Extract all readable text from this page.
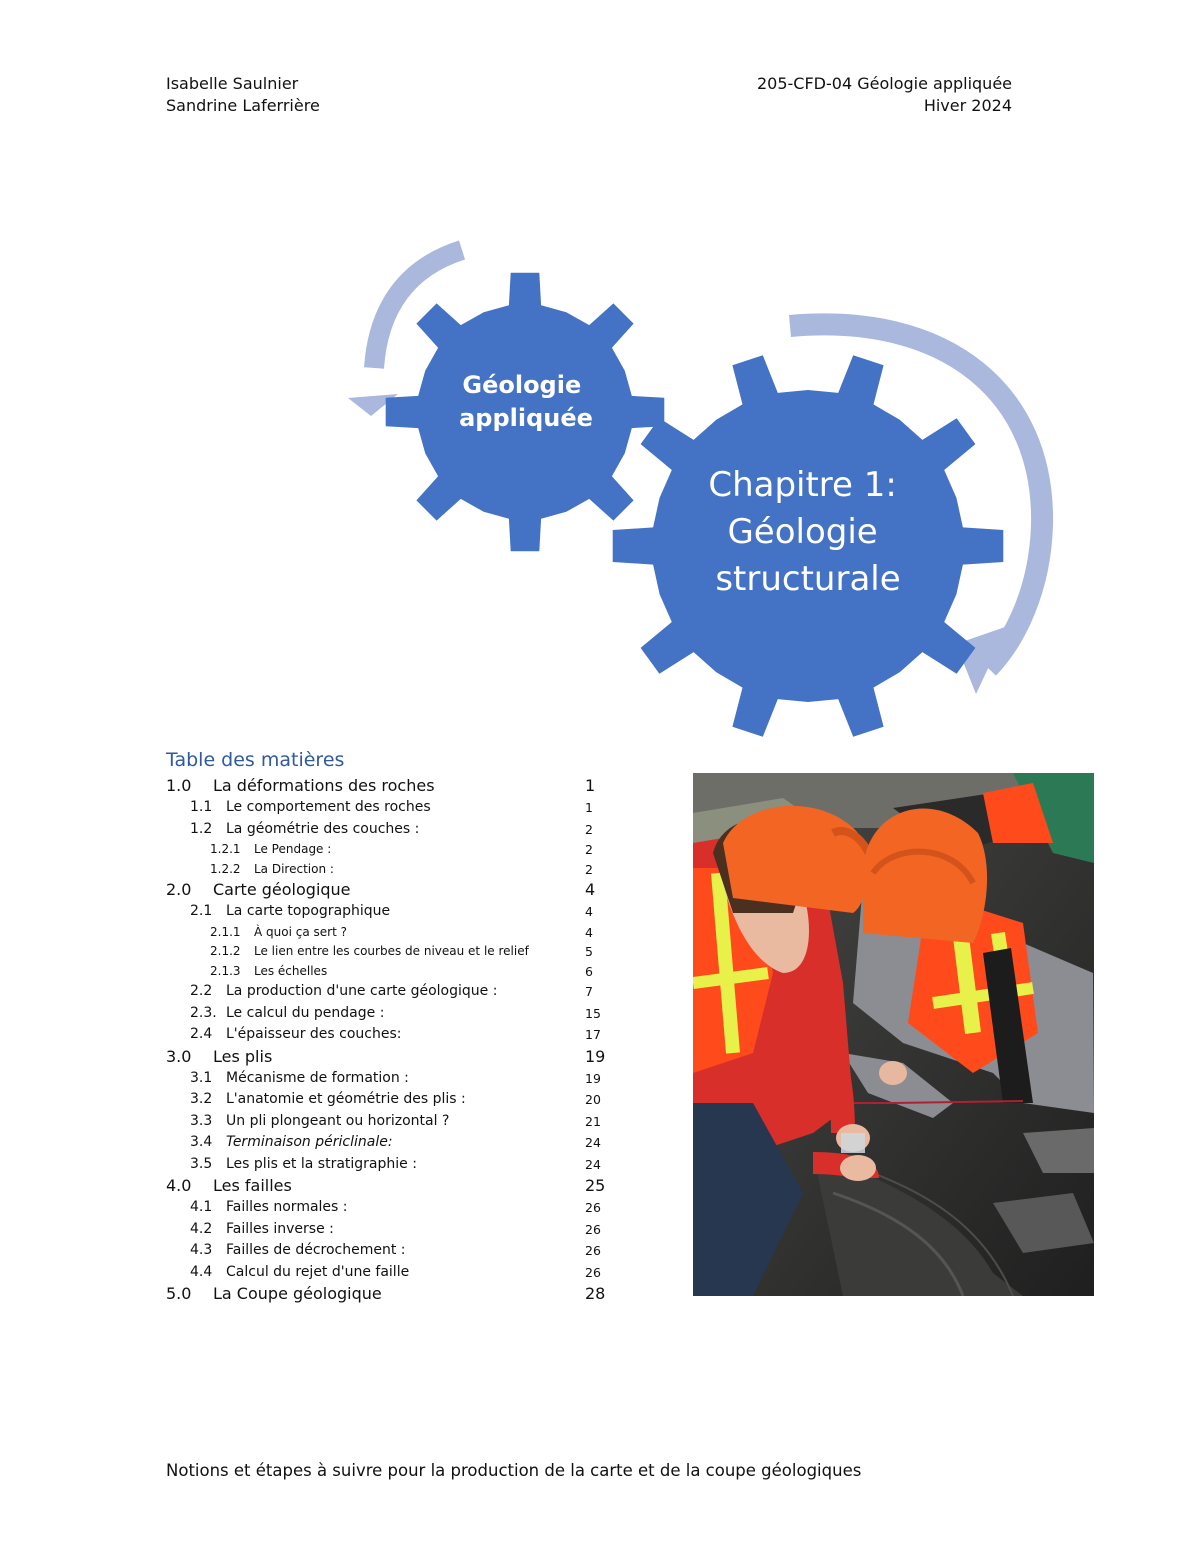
Isabelle Saulnier
Sandrine Laferrière
205-CFD-04 Géologie appliquée
Hiver 2024
Géologie appliquée
Chapitre 1: Géologie structurale
Table des matières
1.0 La déformations des roches	1
1.1 Le comportement des roches	1
1.2 La géométrie des couches :	2
1.2.1 Le Pendage :	2
1.2.2 La Direction :	2
2.0 Carte géologique	4
2.1 La carte topographique	4
2.1.1 À quoi ça sert ?	4
2.1.2 Le lien entre les courbes de niveau et le relief	5
2.1.3 Les échelles	6
2.2 La production d'une carte géologique :	7
2.3. Le calcul du pendage :	15
2.4 L'épaisseur des couches:	17
3.0 Les plis	19
3.1 Mécanisme de formation :	19
3.2 L'anatomie et géométrie des plis :	20
3.3 Un pli plongeant ou horizontal ?	21
3.4 Terminaison périclinale:	24
3.5 Les plis et la stratigraphie :	24
4.0 Les failles	25
4.1 Failles normales :	26
4.2 Failles inverse :	26
4.3 Failles de décrochement :	26
4.4 Calcul du rejet d'une faille	26
5.0 La Coupe géologique	28
Notions et étapes à suivre pour la production de la carte et de la coupe géologiques
